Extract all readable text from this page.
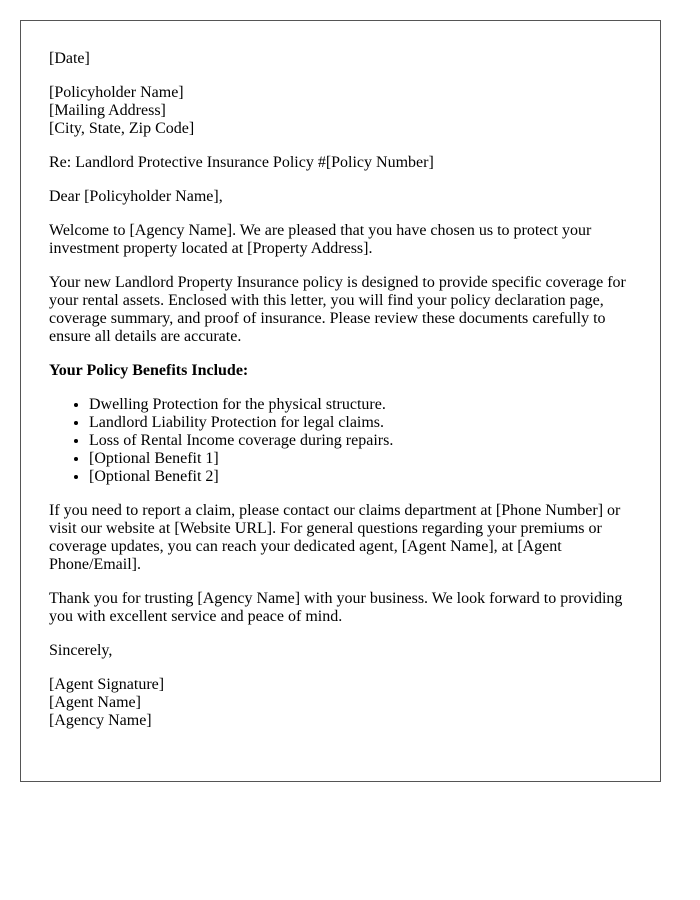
[Date]

[Policyholder Name]
[Mailing Address]
[City, State, Zip Code]

Re: Landlord Protective Insurance Policy #[Policy Number]

Dear [Policyholder Name],

Welcome to [Agency Name]. We are pleased that you have chosen us to protect your investment property located at [Property Address].

Your new Landlord Property Insurance policy is designed to provide specific coverage for your rental assets. Enclosed with this letter, you will find your policy declaration page, coverage summary, and proof of insurance. Please review these documents carefully to ensure all details are accurate.

Your Policy Benefits Include:

• Dwelling Protection for the physical structure.
• Landlord Liability Protection for legal claims.
• Loss of Rental Income coverage during repairs.
• [Optional Benefit 1]
• [Optional Benefit 2]

If you need to report a claim, please contact our claims department at [Phone Number] or visit our website at [Website URL]. For general questions regarding your premiums or coverage updates, you can reach your dedicated agent, [Agent Name], at [Agent Phone/Email].

Thank you for trusting [Agency Name] with your business. We look forward to providing you with excellent service and peace of mind.

Sincerely,

[Agent Signature]
[Agent Name]
[Agency Name]
